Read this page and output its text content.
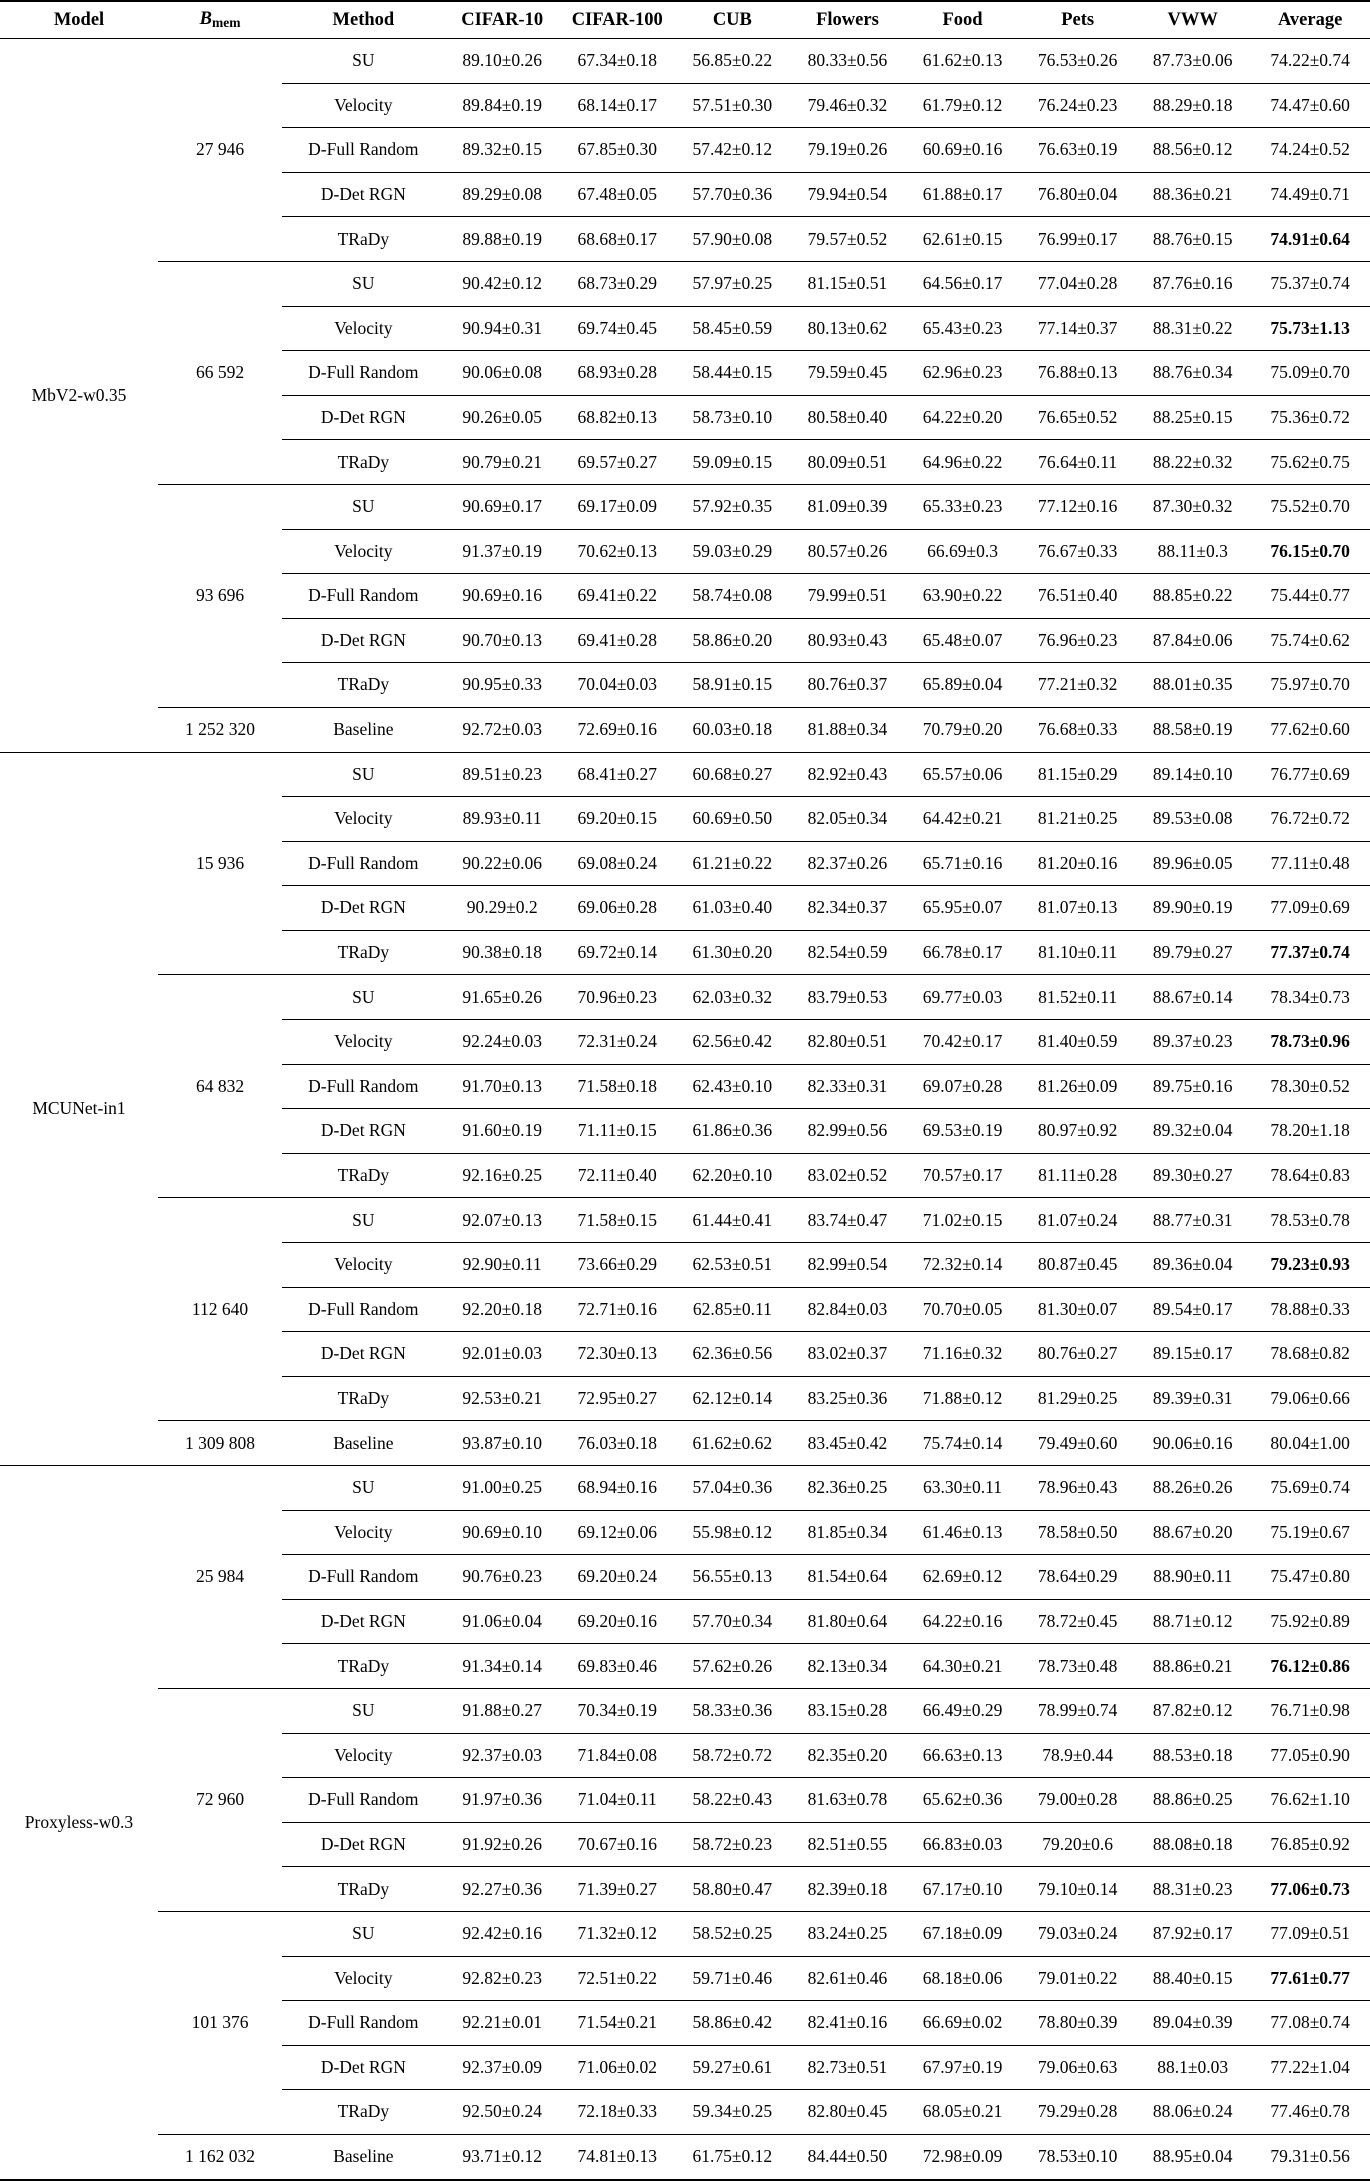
Model	$B_{mem}$	Method	CIFAR-10	CIFAR-100	CUB	Flowers	Food	Pets	VWW	Average
MbV2-w0.35	27 946	SU	89.10±0.26	67.34±0.18	56.85±0.22	80.33±0.56	61.62±0.13	76.53±0.26	87.73±0.06	74.22±0.74
		Velocity	89.84±0.19	68.14±0.17	57.51±0.30	79.46±0.32	61.79±0.12	76.24±0.23	88.29±0.18	74.47±0.60
		D-Full Random	89.32±0.15	67.85±0.30	57.42±0.12	79.19±0.26	60.69±0.16	76.63±0.19	88.56±0.12	74.24±0.52
		D-Det RGN	89.29±0.08	67.48±0.05	57.70±0.36	79.94±0.54	61.88±0.17	76.80±0.04	88.36±0.21	74.49±0.71
		TRaDy	89.88±0.19	68.68±0.17	57.90±0.08	79.57±0.52	62.61±0.15	76.99±0.17	88.76±0.15	74.91±0.64
	66 592	SU	90.42±0.12	68.73±0.29	57.97±0.25	81.15±0.51	64.56±0.17	77.04±0.28	87.76±0.16	75.37±0.74
		Velocity	90.94±0.31	69.74±0.45	58.45±0.59	80.13±0.62	65.43±0.23	77.14±0.37	88.31±0.22	75.73±1.13
		D-Full Random	90.06±0.08	68.93±0.28	58.44±0.15	79.59±0.45	62.96±0.23	76.88±0.13	88.76±0.34	75.09±0.70
		D-Det RGN	90.26±0.05	68.82±0.13	58.73±0.10	80.58±0.40	64.22±0.20	76.65±0.52	88.25±0.15	75.36±0.72
		TRaDy	90.79±0.21	69.57±0.27	59.09±0.15	80.09±0.51	64.96±0.22	76.64±0.11	88.22±0.32	75.62±0.75
	93 696	SU	90.69±0.17	69.17±0.09	57.92±0.35	81.09±0.39	65.33±0.23	77.12±0.16	87.30±0.32	75.52±0.70
		Velocity	91.37±0.19	70.62±0.13	59.03±0.29	80.57±0.26	66.69±0.3	76.67±0.33	88.11±0.3	76.15±0.70
		D-Full Random	90.69±0.16	69.41±0.22	58.74±0.08	79.99±0.51	63.90±0.22	76.51±0.40	88.85±0.22	75.44±0.77
		D-Det RGN	90.70±0.13	69.41±0.28	58.86±0.20	80.93±0.43	65.48±0.07	76.96±0.23	87.84±0.06	75.74±0.62
		TRaDy	90.95±0.33	70.04±0.03	58.91±0.15	80.76±0.37	65.89±0.04	77.21±0.32	88.01±0.35	75.97±0.70
	1 252 320	Baseline	92.72±0.03	72.69±0.16	60.03±0.18	81.88±0.34	70.79±0.20	76.68±0.33	88.58±0.19	77.62±0.60
MCUNet-in1	15 936	SU	89.51±0.23	68.41±0.27	60.68±0.27	82.92±0.43	65.57±0.06	81.15±0.29	89.14±0.10	76.77±0.69
		Velocity	89.93±0.11	69.20±0.15	60.69±0.50	82.05±0.34	64.42±0.21	81.21±0.25	89.53±0.08	76.72±0.72
		D-Full Random	90.22±0.06	69.08±0.24	61.21±0.22	82.37±0.26	65.71±0.16	81.20±0.16	89.96±0.05	77.11±0.48
		D-Det RGN	90.29±0.2	69.06±0.28	61.03±0.40	82.34±0.37	65.95±0.07	81.07±0.13	89.90±0.19	77.09±0.69
		TRaDy	90.38±0.18	69.72±0.14	61.30±0.20	82.54±0.59	66.78±0.17	81.10±0.11	89.79±0.27	77.37±0.74
	64 832	SU	91.65±0.26	70.96±0.23	62.03±0.32	83.79±0.53	69.77±0.03	81.52±0.11	88.67±0.14	78.34±0.73
		Velocity	92.24±0.03	72.31±0.24	62.56±0.42	82.80±0.51	70.42±0.17	81.40±0.59	89.37±0.23	78.73±0.96
		D-Full Random	91.70±0.13	71.58±0.18	62.43±0.10	82.33±0.31	69.07±0.28	81.26±0.09	89.75±0.16	78.30±0.52
		D-Det RGN	91.60±0.19	71.11±0.15	61.86±0.36	82.99±0.56	69.53±0.19	80.97±0.92	89.32±0.04	78.20±1.18
		TRaDy	92.16±0.25	72.11±0.40	62.20±0.10	83.02±0.52	70.57±0.17	81.11±0.28	89.30±0.27	78.64±0.83
	112 640	SU	92.07±0.13	71.58±0.15	61.44±0.41	83.74±0.47	71.02±0.15	81.07±0.24	88.77±0.31	78.53±0.78
		Velocity	92.90±0.11	73.66±0.29	62.53±0.51	82.99±0.54	72.32±0.14	80.87±0.45	89.36±0.04	79.23±0.93
		D-Full Random	92.20±0.18	72.71±0.16	62.85±0.11	82.84±0.03	70.70±0.05	81.30±0.07	89.54±0.17	78.88±0.33
		D-Det RGN	92.01±0.03	72.30±0.13	62.36±0.56	83.02±0.37	71.16±0.32	80.76±0.27	89.15±0.17	78.68±0.82
		TRaDy	92.53±0.21	72.95±0.27	62.12±0.14	83.25±0.36	71.88±0.12	81.29±0.25	89.39±0.31	79.06±0.66
	1 309 808	Baseline	93.87±0.10	76.03±0.18	61.62±0.62	83.45±0.42	75.74±0.14	79.49±0.60	90.06±0.16	80.04±1.00
Proxyless-w0.3	25 984	SU	91.00±0.25	68.94±0.16	57.04±0.36	82.36±0.25	63.30±0.11	78.96±0.43	88.26±0.26	75.69±0.74
		Velocity	90.69±0.10	69.12±0.06	55.98±0.12	81.85±0.34	61.46±0.13	78.58±0.50	88.67±0.20	75.19±0.67
		D-Full Random	90.76±0.23	69.20±0.24	56.55±0.13	81.54±0.64	62.69±0.12	78.64±0.29	88.90±0.11	75.47±0.80
		D-Det RGN	91.06±0.04	69.20±0.16	57.70±0.34	81.80±0.64	64.22±0.16	78.72±0.45	88.71±0.12	75.92±0.89
		TRaDy	91.34±0.14	69.83±0.46	57.62±0.26	82.13±0.34	64.30±0.21	78.73±0.48	88.86±0.21	76.12±0.86
	72 960	SU	91.88±0.27	70.34±0.19	58.33±0.36	83.15±0.28	66.49±0.29	78.99±0.74	87.82±0.12	76.71±0.98
		Velocity	92.37±0.03	71.84±0.08	58.72±0.72	82.35±0.20	66.63±0.13	78.9±0.44	88.53±0.18	77.05±0.90
		D-Full Random	91.97±0.36	71.04±0.11	58.22±0.43	81.63±0.78	65.62±0.36	79.00±0.28	88.86±0.25	76.62±1.10
		D-Det RGN	91.92±0.26	70.67±0.16	58.72±0.23	82.51±0.55	66.83±0.03	79.20±0.6	88.08±0.18	76.85±0.92
		TRaDy	92.27±0.36	71.39±0.27	58.80±0.47	82.39±0.18	67.17±0.10	79.10±0.14	88.31±0.23	77.06±0.73
	101 376	SU	92.42±0.16	71.32±0.12	58.52±0.25	83.24±0.25	67.18±0.09	79.03±0.24	87.92±0.17	77.09±0.51
		Velocity	92.82±0.23	72.51±0.22	59.71±0.46	82.61±0.46	68.18±0.06	79.01±0.22	88.40±0.15	77.61±0.77
		D-Full Random	92.21±0.01	71.54±0.21	58.86±0.42	82.41±0.16	66.69±0.02	78.80±0.39	89.04±0.39	77.08±0.74
		D-Det RGN	92.37±0.09	71.06±0.02	59.27±0.61	82.73±0.51	67.97±0.19	79.06±0.63	88.1±0.03	77.22±1.04
		TRaDy	92.50±0.24	72.18±0.33	59.34±0.25	82.80±0.45	68.05±0.21	79.29±0.28	88.06±0.24	77.46±0.78
	1 162 032	Baseline	93.71±0.12	74.81±0.13	61.75±0.12	84.44±0.50	72.98±0.09	78.53±0.10	88.95±0.04	79.31±0.56
